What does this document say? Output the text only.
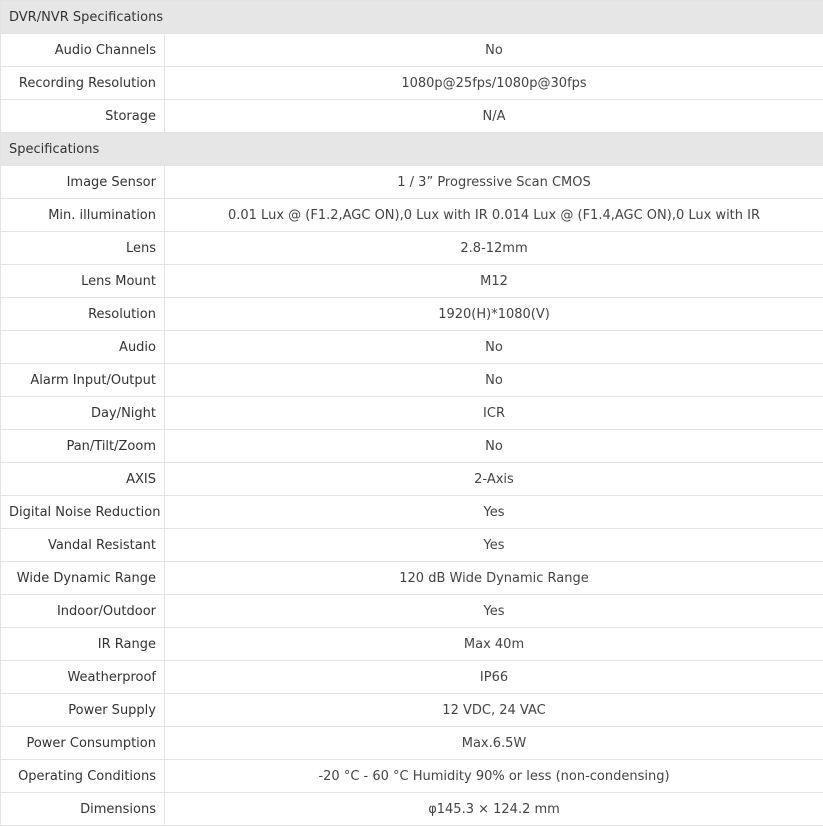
DVR/NVR Specifications	
Audio Channels	No
Recording Resolution	1080p@25fps/1080p@30fps
Storage	N/A
Specifications	
Image Sensor	1 / 3” Progressive Scan CMOS
Min. illumination	0.01 Lux @ (F1.2,AGC ON),0 Lux with IR 0.014 Lux @ (F1.4,AGC ON),0 Lux with IR
Lens	2.8-12mm
Lens Mount	M12
Resolution	1920(H)*1080(V)
Audio	No
Alarm Input/Output	No
Day/Night	ICR
Pan/Tilt/Zoom	No
AXIS	2-Axis
Digital Noise Reduction	Yes
Vandal Resistant	Yes
Wide Dynamic Range	120 dB Wide Dynamic Range
Indoor/Outdoor	Yes
IR Range	Max 40m
Weatherproof	IP66
Power Supply	12 VDC, 24 VAC
Power Consumption	Max.6.5W
Operating Conditions	-20 °C - 60 °C Humidity 90% or less (non-condensing)
Dimensions	φ145.3 × 124.2 mm
